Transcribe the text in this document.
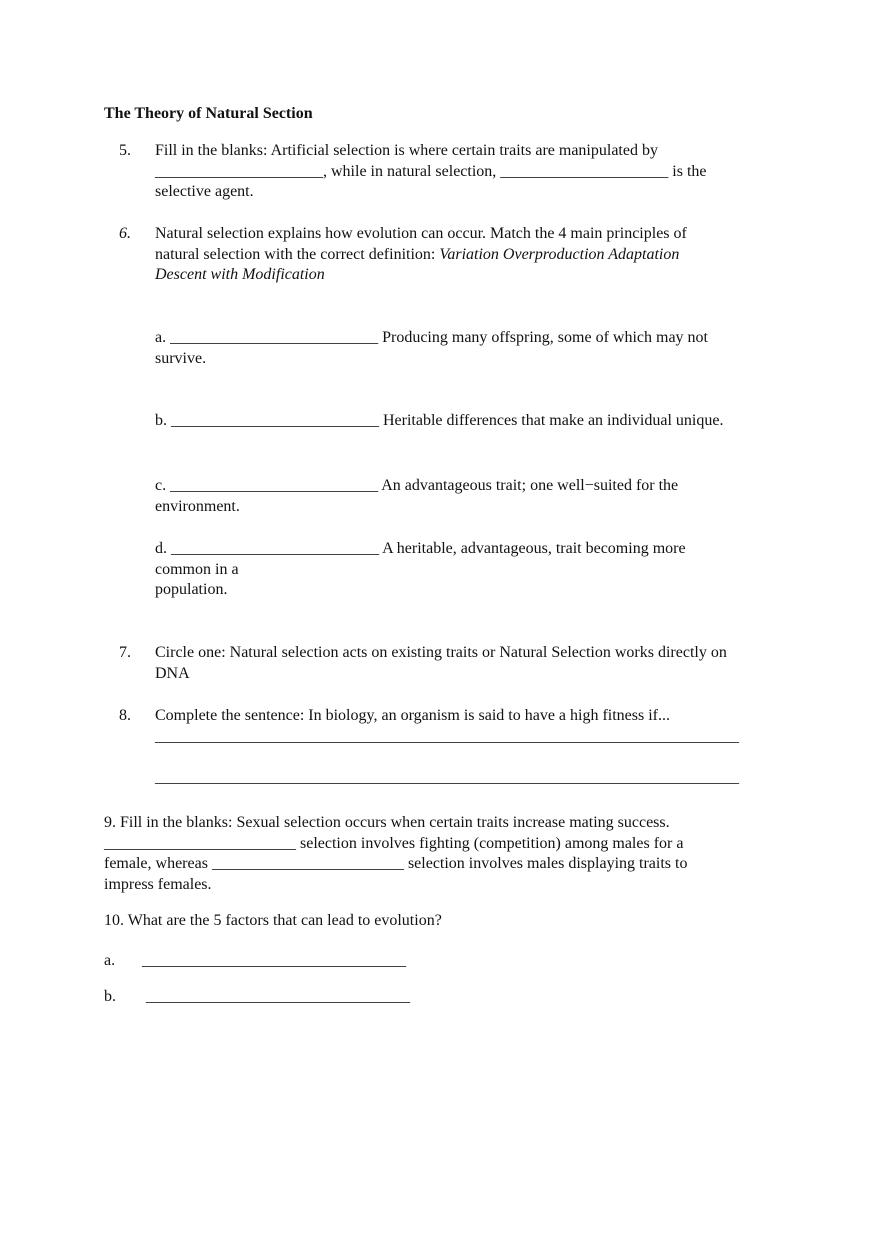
The Theory of Natural Section
5. Fill in the blanks: Artificial selection is where certain traits are manipulated by

_____________________, while in natural selection, _____________________ is the

selective agent.

6. Natural selection explains how evolution can occur. Match the 4 main principles of

natural selection with the correct definition: Variation Overproduction Adaptation

Descent with Modification

a. __________________________ Producing many offspring, some of which may not

survive.

b. __________________________ Heritable differences that make an individual unique.

c. __________________________ An advantageous trait; one well−suited for the

environment.

d. __________________________ A heritable, advantageous, trait becoming more

common in a

population.

7. Circle one: Natural selection acts on existing traits or Natural Selection works directly on

DNA

8. Complete the sentence: In biology, an organism is said to have a high fitness if...

_________________________________________________________________________

_________________________________________________________________________

9. Fill in the blanks: Sexual selection occurs when certain traits increase mating success.

________________________ selection involves fighting (competition) among males for a

female, whereas ________________________ selection involves males displaying traits to

impress females.

10. What are the 5 factors that can lead to evolution?
a. _________________________________
b. _________________________________
